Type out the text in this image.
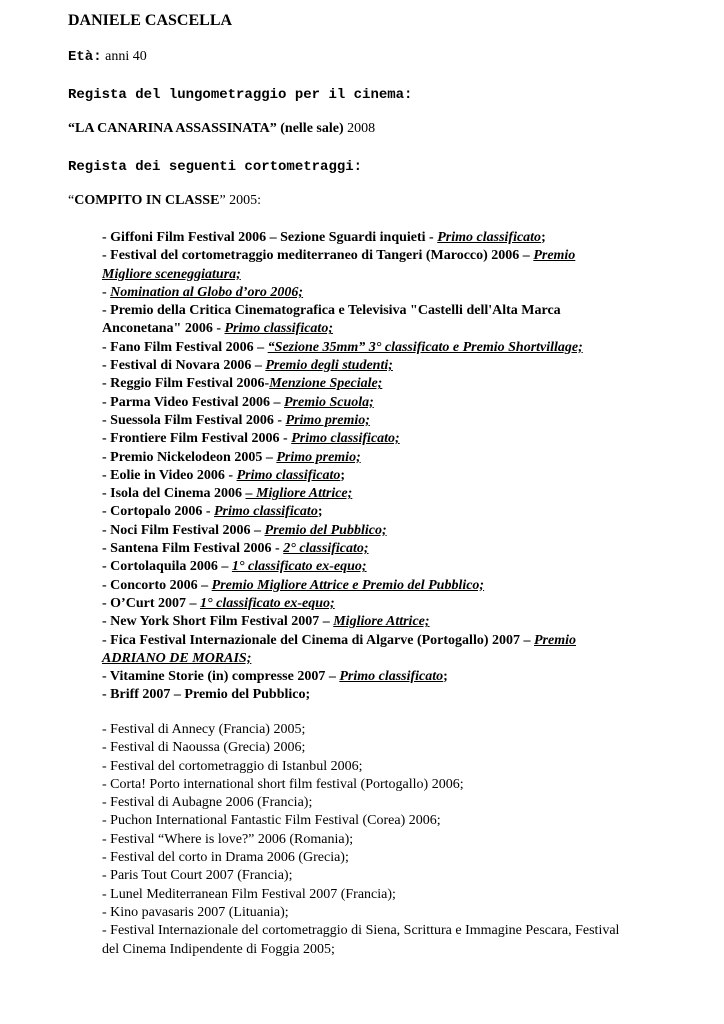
DANIELE CASCELLA
Età: anni 40
Regista del lungometraggio per il cinema:
“LA CANARINA ASSASSINATA” (nelle sale) 2008
Regista dei seguenti cortometraggi:
“COMPITO IN CLASSE” 2005:
- Giffoni Film Festival 2006 – Sezione Sguardi inquieti - Primo classificato;
- Festival del cortometraggio mediterraneo di Tangeri (Marocco) 2006 – Premio
Migliore sceneggiatura;
- Nomination al Globo d’oro 2006;
- Premio della Critica Cinematografica e Televisiva "Castelli dell'Alta Marca
Anconetana" 2006 - Primo classificato;
- Fano Film Festival 2006 – “Sezione 35mm” 3° classificato e Premio Shortvillage;
- Festival di Novara 2006 – Premio degli studenti;
- Reggio Film Festival 2006-Menzione Speciale;
- Parma Video Festival 2006 – Premio Scuola;
- Suessola Film Festival 2006 - Primo premio;
- Frontiere Film Festival 2006 - Primo classificato;
- Premio Nickelodeon 2005 – Primo premio;
- Eolie in Video 2006 - Primo classificato;
- Isola del Cinema 2006 – Migliore Attrice;
- Cortopalo 2006 - Primo classificato;
- Noci Film Festival 2006 – Premio del Pubblico;
- Santena Film Festival 2006 - 2° classificato;
- Cortolaquila 2006 – 1° classificato ex-equo;
- Concorto 2006 – Premio Migliore Attrice e Premio del Pubblico;
- O’Curt 2007 – 1° classificato ex-equo;
- New York Short Film Festival 2007 – Migliore Attrice;
- Fica Festival Internazionale del Cinema di Algarve (Portogallo) 2007 – Premio
ADRIANO DE MORAIS;
- Vitamine Storie (in) compresse 2007 – Primo classificato;
- Briff 2007 – Premio del Pubblico;
- Festival di Annecy (Francia) 2005;
- Festival di Naoussa (Grecia) 2006;
- Festival del cortometraggio di Istanbul 2006;
- Corta! Porto international short film festival (Portogallo) 2006;
- Festival di Aubagne 2006 (Francia);
- Puchon International Fantastic Film Festival (Corea) 2006;
- Festival “Where is love?” 2006 (Romania);
- Festival del corto in Drama 2006 (Grecia);
- Paris Tout Court 2007 (Francia);
- Lunel Mediterranean Film Festival 2007 (Francia);
- Kino pavasaris 2007 (Lituania);
- Festival Internazionale del cortometraggio di Siena, Scrittura e Immagine Pescara, Festival
del Cinema Indipendente di Foggia 2005;
